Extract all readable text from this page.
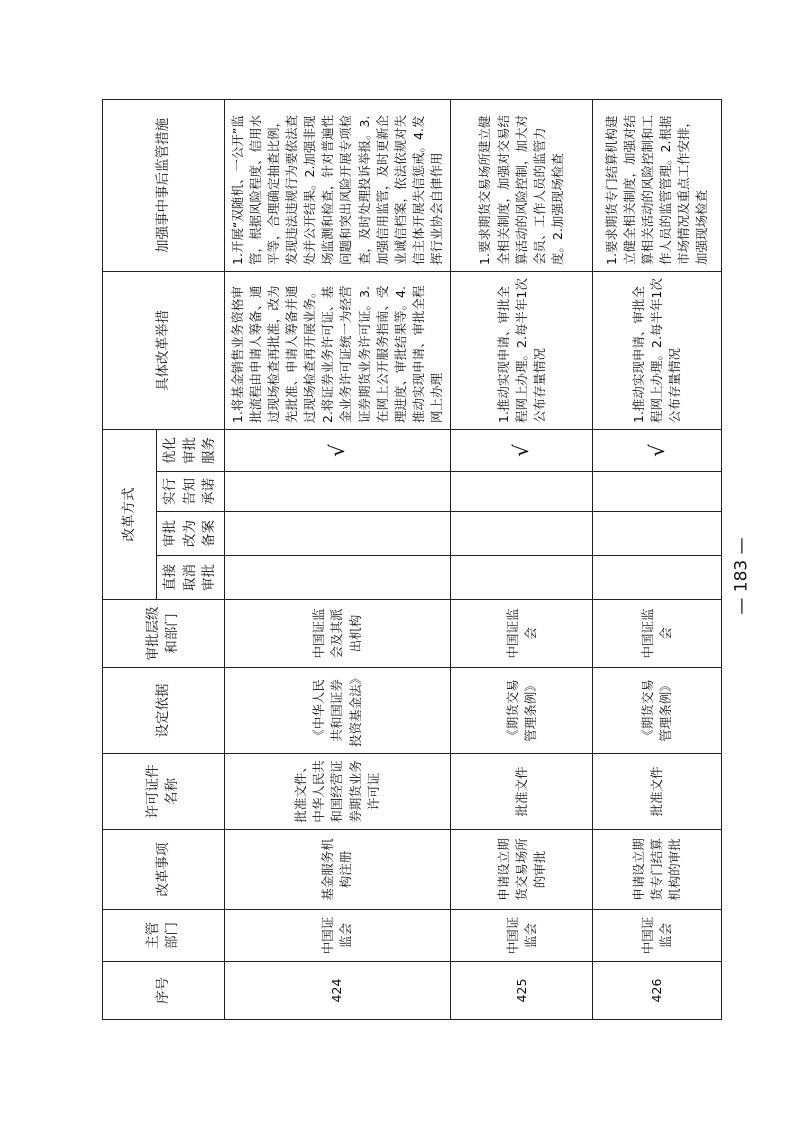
序号	主管部门	改革事项	许可证件名称	设定依据	审批层级和部门	改革方式				具体改革举措	加强事中事后监管措施
						直接取消审批	审批改为备案	实行告知承诺	优化审批服务		
424	中国证监会	基金服务机构注册	批准文件、中华人民共和国经营证券期货业务许可证	《中华人民共和国证券投资基金法》	中国证监会及其派出机构				√	1.将基金销售业务资格审批流程由申请人筹备、通过现场检查再批准，改为先批准、申请人筹备并通过现场检查再开展业务。2.将证券业务许可证、基金业务许可证统一为经营证券期货业务许可证。3.在网上公开服务指南、受理进度、审批结果等。4.推动实现申请、审批全程网上办理	1.开展“双随机、一公开”监管，根据风险程度、信用水平等，合理确定抽查比例，发现违法违规行为要依法查处并公开结果。2.加强非现场监测和检查，针对普遍性问题和突出风险开展专项检查，及时处理投诉举报。3.加强信用监管，及时更新企业诚信档案，依法依规对失信主体开展失信惩戒。4.发挥行业协会自律作用
425	中国证监会	申请设立期货交易场所的审批	批准文件	《期货交易管理条例》	中国证监会				√	1.推动实现申请、审批全程网上办理。2.每半年1次公布存量情况	1.要求期货交易场所建立健全相关制度，加强对交易结算活动的风险控制，加大对会员、工作人员的监管力度。2.加强现场检查
426	中国证监会	申请设立期货专门结算机构的审批	批准文件	《期货交易管理条例》	中国证监会				√	1.推动实现申请、审批全程网上办理。2.每半年1次公布存量情况	1.要求期货专门结算机构建立健全相关制度，加强对结算相关活动的风险控制和工作人员的监管管理。2.根据市场情况及重点工作安排，加强现场检查
— 183 —
